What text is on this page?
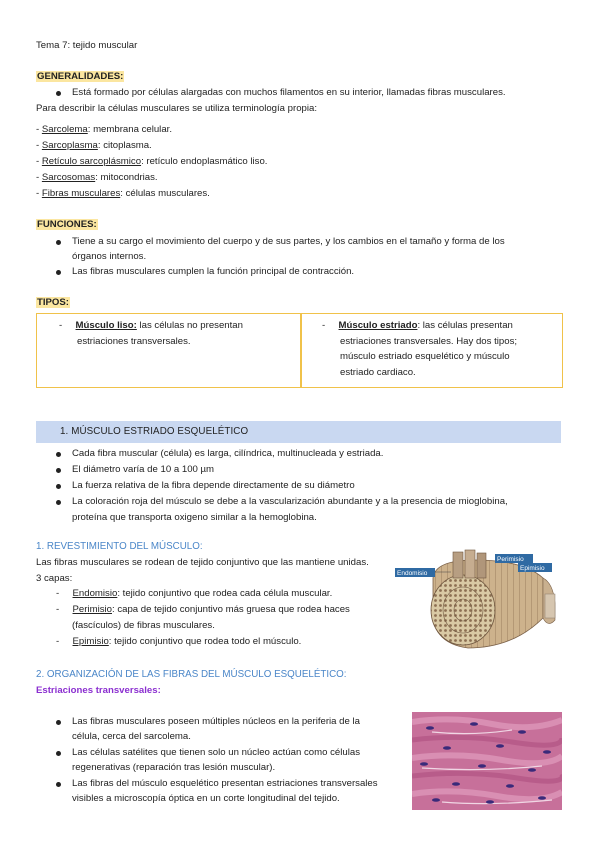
Tema 7: tejido muscular
GENERALIDADES:
Está formado por células alargadas con muchos filamentos en su interior, llamadas fibras musculares.
Para describir la células musculares se utiliza terminología propia:
- Sarcolema: membrana celular.
- Sarcoplasma: citoplasma.
- Retículo sarcoplásmico: retículo endoplasmático liso.
- Sarcosomas: mitocondrias.
- Fibras musculares: células musculares.
FUNCIONES:
Tiene a su cargo el movimiento del cuerpo y de sus partes, y los cambios en el tamaño y forma de los
órganos internos.
Las fibras musculares cumplen la función principal de contracción.
TIPOS:
-     Músculo liso: las células no presentan
estriaciones transversales.
-     Músculo estriado: las células presentan
estriaciones transversales. Hay dos tipos;
músculo estriado esquelético y músculo
estriado cardiaco.
1. MÚSCULO ESTRIADO ESQUELÉTICO
Cada fibra muscular (célula) es larga, cilíndrica, multinucleada y estriada.
El diámetro varía de 10 a 100 µm
La fuerza relativa de la fibra depende directamente de su diámetro
La coloración roja del músculo se debe a la vascularización abundante y a la presencia de mioglobina,
proteína que transporta oxigeno similar a la hemoglobina.
1. REVESTIMIENTO DEL MÚSCULO:
Las fibras musculares se rodean de tejido conjuntivo que las mantiene unidas.
3 capas:
-     Endomisio: tejido conjuntivo que rodea cada célula muscular.
-     Perimisio: capa de tejido conjuntivo más gruesa que rodea haces
(fascículos) de fibras musculares.
-     Epimisio: tejido conjuntivo que rodea todo el músculo.
Perimisio
Epimisio
Endomisio
2. ORGANIZACIÓN DE LAS FIBRAS DEL MÚSCULO ESQUELÉTICO:
Estriaciones transversales:
Las fibras musculares poseen múltiples núcleos en la periferia de la
célula, cerca del sarcolema.
Las células satélites que tienen solo un núcleo actúan como células
regenerativas (reparación tras lesión muscular).
Las fibras del músculo esquelético presentan estriaciones transversales
visibles a microscopía óptica en un corte longitudinal del tejido.
